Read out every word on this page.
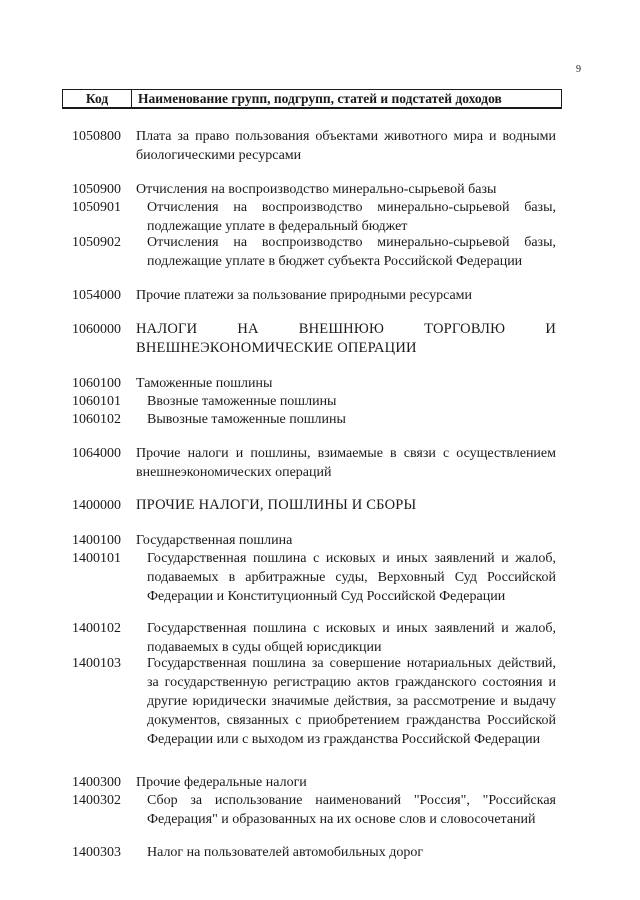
9
Код	Наименование групп, подгрупп, статей и подстатей доходов
1050800 Плата за право пользования объектами животного мира и водными биологическими ресурсами
1050900 Отчисления на воспроизводство минерально-сырьевой базы
1050901 Отчисления на воспроизводство минерально-сырьевой базы, подлежащие уплате в федеральный бюджет
1050902 Отчисления на воспроизводство минерально-сырьевой базы, подлежащие уплате в бюджет субъекта Российской Федерации
1054000 Прочие платежи за пользование природными ресурсами
1060000 НАЛОГИ НА ВНЕШНЮЮ ТОРГОВЛЮ И
ВНЕШНЕЭКОНОМИЧЕСКИЕ ОПЕРАЦИИ
1060100 Таможенные пошлины
1060101 Ввозные таможенные пошлины
1060102 Вывозные таможенные пошлины
1064000 Прочие налоги и пошлины, взимаемые в связи с осуществлением внешнеэкономических операций
1400000 ПРОЧИЕ НАЛОГИ, ПОШЛИНЫ И СБОРЫ
1400100 Государственная пошлина
1400101 Государственная пошлина с исковых и иных заявлений и жалоб, подаваемых в арбитражные суды, Верховный Суд Российской Федерации и Конституционный Суд Российской Федерации
1400102 Государственная пошлина с исковых и иных заявлений и жалоб, подаваемых в суды общей юрисдикции
1400103 Государственная пошлина за совершение нотариальных действий, за государственную регистрацию актов гражданского состояния и другие юридически значимые действия, за рассмотрение и выдачу документов, связанных с приобретением гражданства Российской Федерации или с выходом из гражданства Российской Федерации
1400300 Прочие федеральные налоги
1400302 Сбор за использование наименований "Россия", "Российская Федерация" и образованных на их основе слов и словосочетаний
1400303 Налог на пользователей автомобильных дорог
